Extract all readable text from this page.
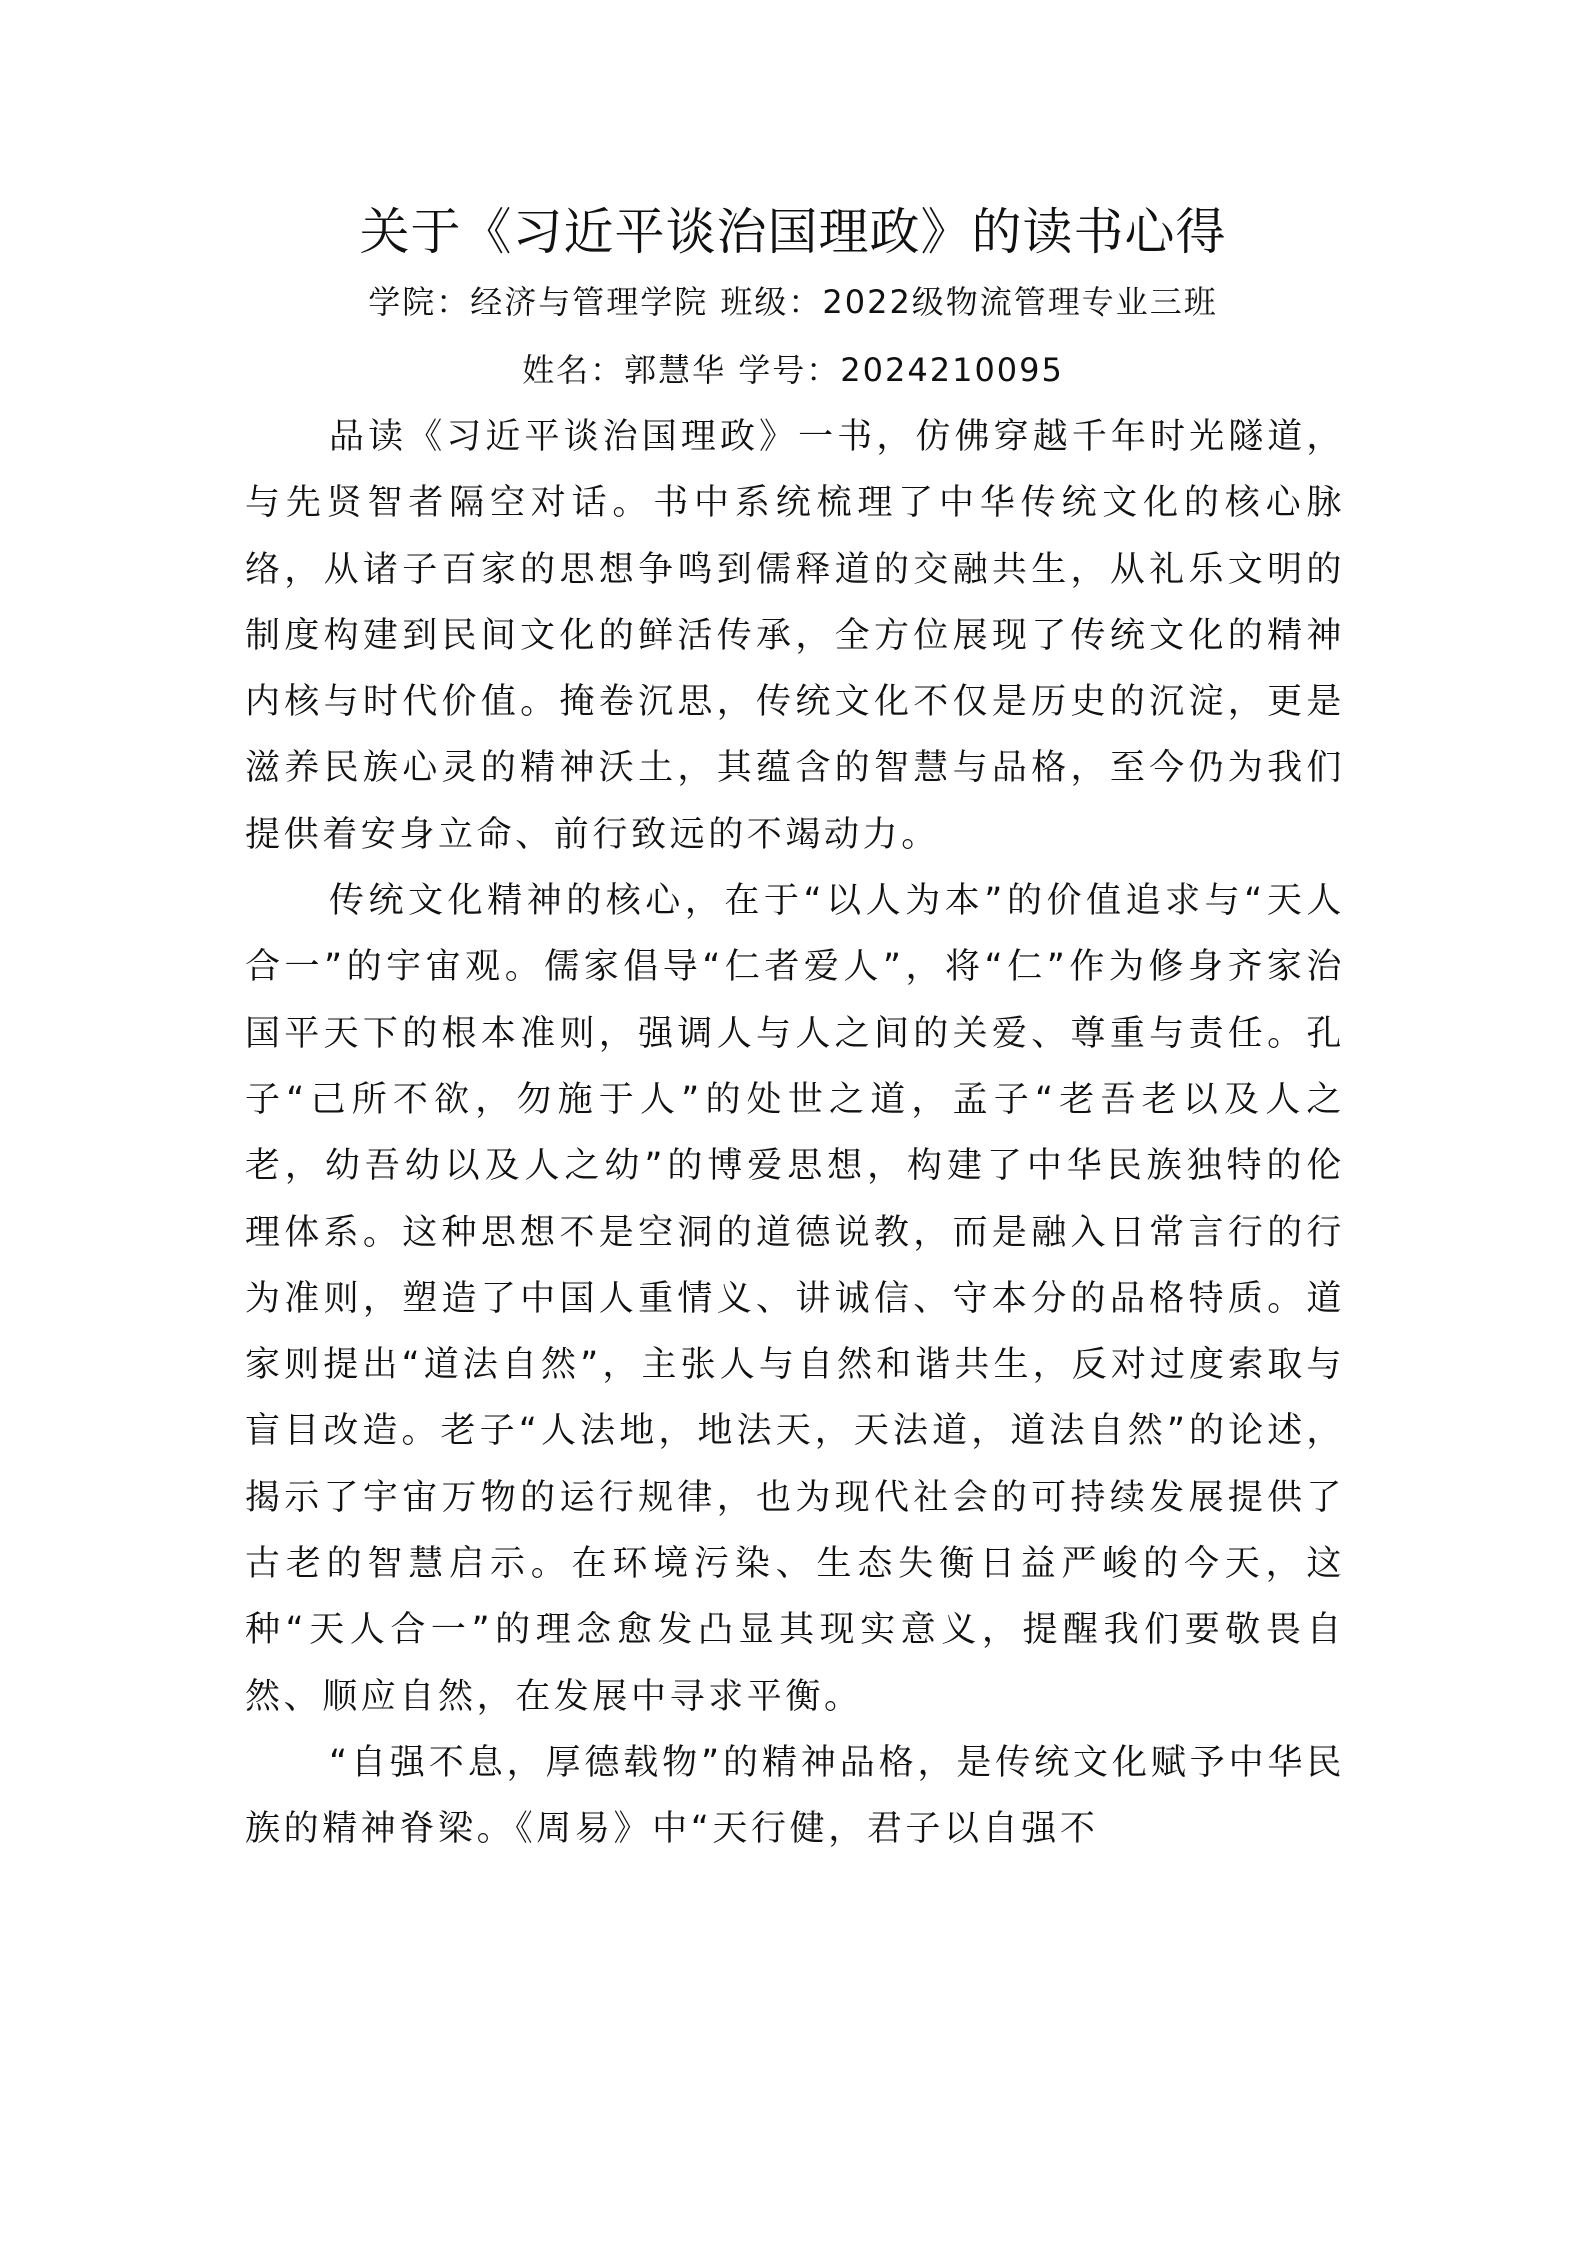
关于《习近平谈治国理政》的读书心得
学院：经济与管理学院 班级：2022级物流管理专业三班
姓名：郭慧华 学号：2024210095

品读《习近平谈治国理政》一书，仿佛穿越千年时光隧道，与先贤智者隔空对话。书中系统梳理了中华传统文化的核心脉络，从诸子百家的思想争鸣到儒释道的交融共生，从礼乐文明的制度构建到民间文化的鲜活传承，全方位展现了传统文化的精神内核与时代价值。掩卷沉思，传统文化不仅是历史的沉淀，更是滋养民族心灵的精神沃土，其蕴含的智慧与品格，至今仍为我们提供着安身立命、前行致远的不竭动力。

传统文化精神的核心，在于“以人为本”的价值追求与“天人合一”的宇宙观。儒家倡导“仁者爱人”，将“仁”作为修身齐家治国平天下的根本准则，强调人与人之间的关爱、尊重与责任。孔子“己所不欲，勿施于人”的处世之道，孟子“老吾老以及人之老，幼吾幼以及人之幼”的博爱思想，构建了中华民族独特的伦理体系。这种思想不是空洞的道德说教，而是融入日常言行的行为准则，塑造了中国人重情义、讲诚信、守本分的品格特质。道家则提出“道法自然”，主张人与自然和谐共生，反对过度索取与盲目改造。老子“人法地，地法天，天法道，道法自然”的论述，揭示了宇宙万物的运行规律，也为现代社会的可持续发展提供了古老的智慧启示。在环境污染、生态失衡日益严峻的今天，这种“天人合一”的理念愈发凸显其现实意义，提醒我们要敬畏自然、顺应自然，在发展中寻求平衡。

“自强不息，厚德载物”的精神品格，是传统文化赋予中华民族的精神脊梁。《周易》中“天行健，君子以自强不
